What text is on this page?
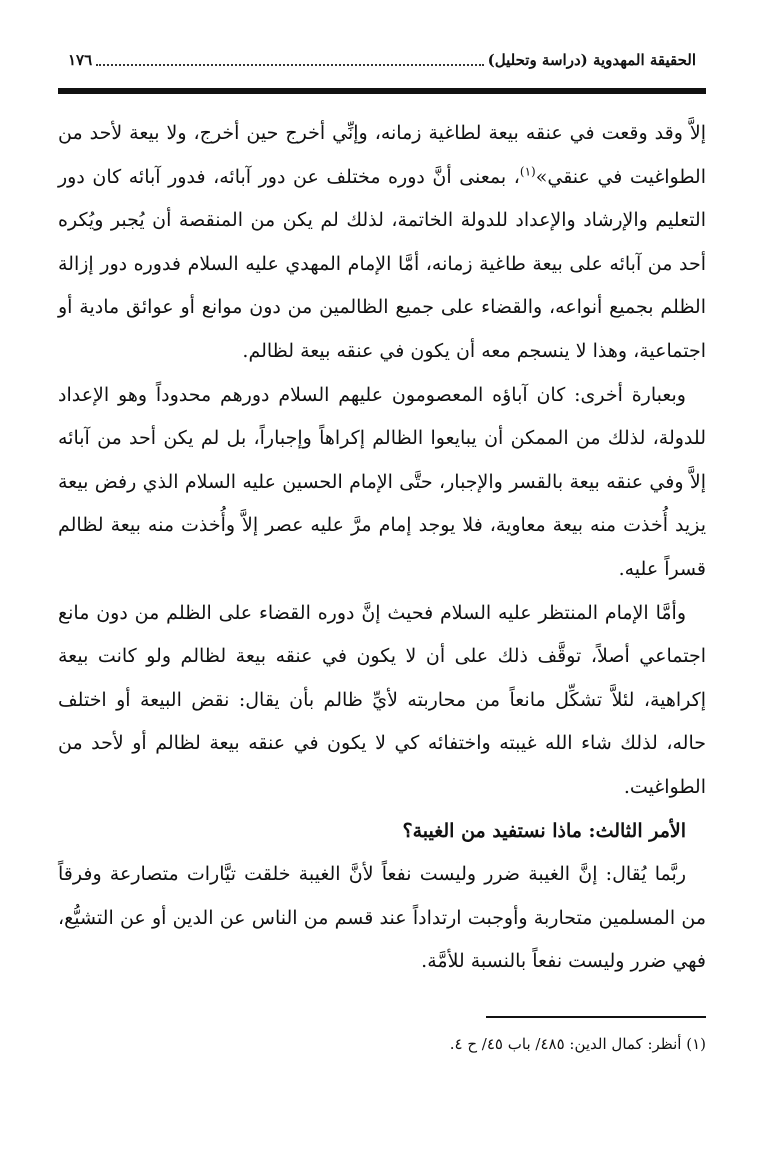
الحقيقة المهدوية (دراسة وتحليل)
١٧٦

إلاَّ وقد وقعت في عنقه بيعة لطاغية زمانه، وإنِّي أخرج حين أخرج، ولا بيعة لأحد من الطواغيت في عنقي»$^{(١)}$، بمعنى أنَّ دوره مختلف عن دور آبائه، فدور آبائه كان دور التعليم والإرشاد والإعداد للدولة الخاتمة، لذلك لم يكن من المنقصة أن يُجبر ويُكره أحد من آبائه على بيعة طاغية زمانه، أمَّا الإمام المهدي عليه السلام فدوره دور إزالة الظلم بجميع أنواعه، والقضاء على جميع الظالمين من دون موانع أو عوائق مادية أو اجتماعية، وهذا لا ينسجم معه أن يكون في عنقه بيعة لظالم.

وبعبارة أخرى: كان آباؤه المعصومون عليهم السلام دورهم محدوداً وهو الإعداد للدولة، لذلك من الممكن أن يبايعوا الظالم إكراهاً وإجباراً، بل لم يكن أحد من آبائه إلاَّ وفي عنقه بيعة بالقسر والإجبار، حتَّى الإمام الحسين عليه السلام الذي رفض بيعة يزيد أُخذت منه بيعة معاوية، فلا يوجد إمام مرَّ عليه عصر إلاَّ وأُخذت منه بيعة لظالم قسراً عليه.

وأمَّا الإمام المنتظر عليه السلام فحيث إنَّ دوره القضاء على الظلم من دون مانع اجتماعي أصلاً، توقَّف ذلك على أن لا يكون في عنقه بيعة لظالم ولو كانت بيعة إكراهية، لئلاَّ تشكِّل مانعاً من محاربته لأيِّ ظالم بأن يقال: نقض البيعة أو اختلف حاله، لذلك شاء الله غيبته واختفائه كي لا يكون في عنقه بيعة لظالم أو لأحد من الطواغيت.

الأمر الثالث: ماذا نستفيد من الغيبة؟

ربَّما يُقال: إنَّ الغيبة ضرر وليست نفعاً لأنَّ الغيبة خلقت تيَّارات متصارعة وفرقاً من المسلمين متحاربة وأوجبت ارتداداً عند قسم من الناس عن الدين أو عن التشيُّع، فهي ضرر وليست نفعاً بالنسبة للأمَّة.

(١) أنظر: كمال الدين: ٤٨٥/ باب ٤٥/ ح ٤.
